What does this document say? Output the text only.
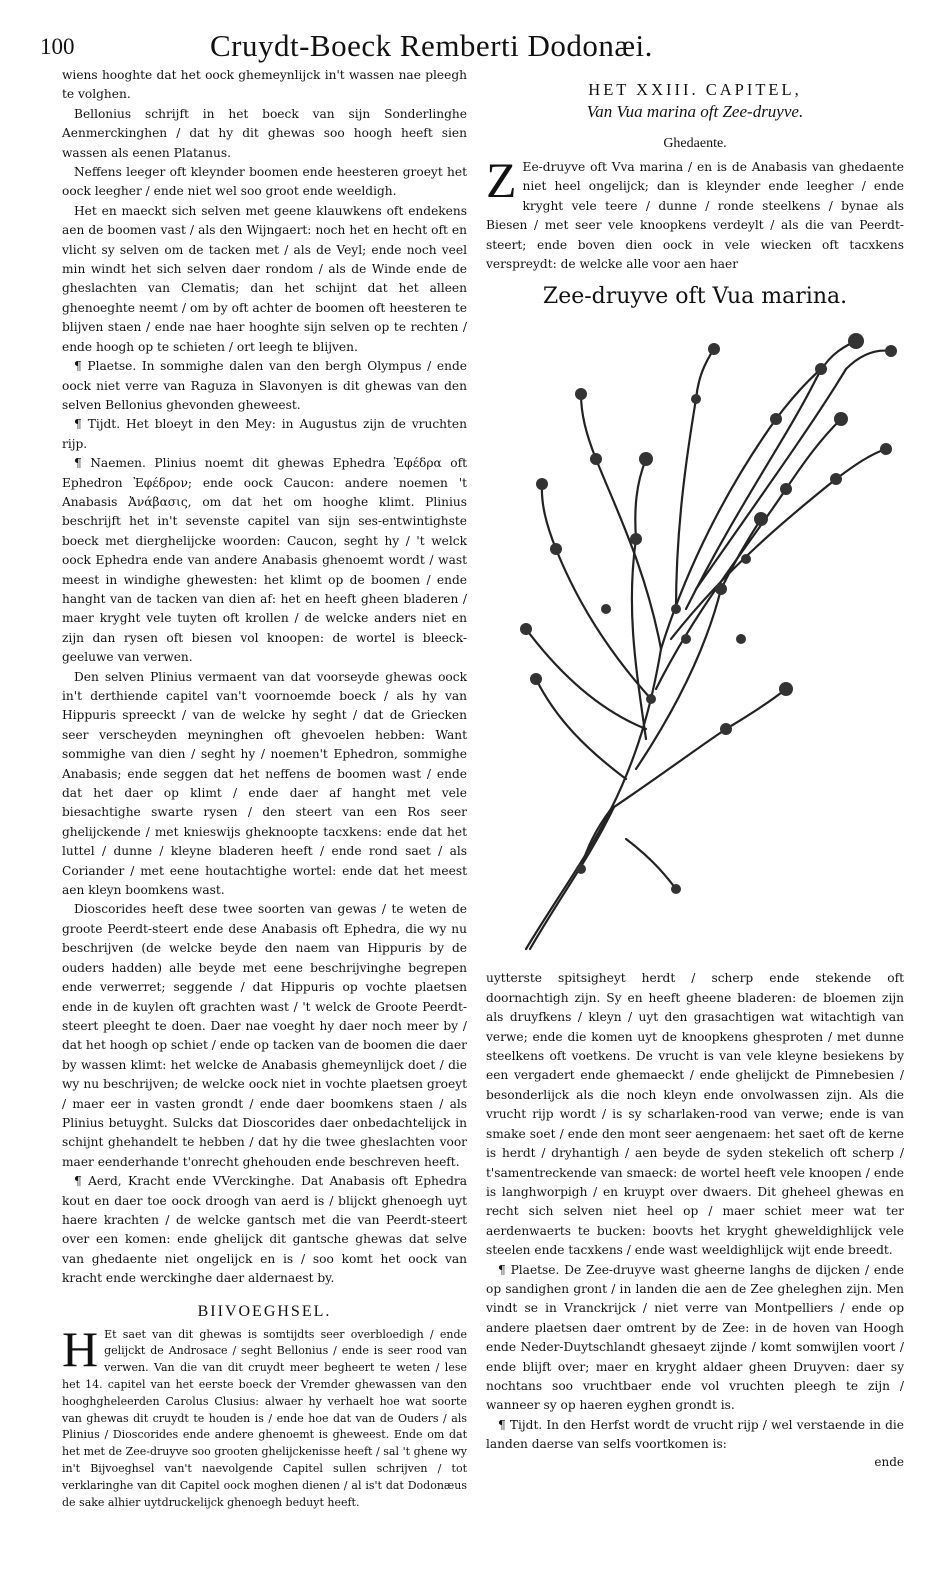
100	Cruydt-Boeck Remberti Dodonæi.

wiens hooghte dat het oock ghemeynlijck in't wassen nae pleegh te volghen.

Bellonius schrijft in het boeck van sijn Sonderlinghe Aenmerckinghen / dat hy dit ghewas soo hoogh heeft sien wassen als eenen Platanus.

Neffens leeger oft kleynder boomen ende heesteren groeyt het oock leegher / ende niet wel soo groot ende weeldigh.

Het en maeckt sich selven met geene klauwkens oft endekens aen de boomen vast / als den Wijngaert: noch het en hecht oft en vlicht sy selven om de tacken met / als de Veyl; ende noch veel min windt het sich selven daer rondom / als de Winde ende de gheslachten van Clematis; dan het schijnt dat het alleen ghenoeghte neemt / om by oft achter de boomen oft heesteren te blijven staen / ende nae haer hooghte sijn selven op te rechten / ende hoogh op te schieten / ort leegh te blijven.

¶ Plaetse. In sommighe dalen van den bergh Olympus / ende oock niet verre van Raguza in Slavonyen is dit ghewas van den selven Bellonius ghevonden gheweest.

¶ Tijdt. Het bloeyt in den Mey: in Augustus zijn de vruchten rijp.

¶ Naemen. Plinius noemt dit ghewas Ephedra Ἐφέδρα oft Ephedron Ἐφέδρον; ende oock Caucon: andere noemen 't Anabasis Ἀνάβασις, om dat het om hooghe klimt. Plinius beschrijft het in't sevenste capitel van sijn ses-entwintighste boeck met dierghelijcke woorden: Caucon, seght hy / 't welck oock Ephedra ende van andere Anabasis ghenoemt wordt / wast meest in windighe ghewesten: het klimt op de boomen / ende hanght van de tacken van dien af: het en heeft gheen bladeren / maer kryght vele tuyten oft krollen / de welcke anders niet en zijn dan rysen oft biesen vol knoopen: de wortel is bleeck-geeluwe van verwen.

Den selven Plinius vermaent van dat voorseyde ghewas oock in't derthiende capitel van't voornoemde boeck / als hy van Hippuris spreeckt / van de welcke hy seght / dat de Griecken seer verscheyden meyninghen oft ghevoelen hebben: Want sommighe van dien / seght hy / noemen't Ephedron, sommighe Anabasis; ende seggen dat het neffens de boomen wast / ende dat het daer op klimt / ende daer af hanght met vele biesachtighe swarte rysen / den steert van een Ros seer ghelijckende / met knieswijs gheknoopte tacxkens: ende dat het luttel / dunne / kleyne bladeren heeft / ende rond saet / als Coriander / met eene houtachtighe wortel: ende dat het meest aen kleyn boomkens wast.

Dioscorides heeft dese twee soorten van gewas / te weten de groote Peerdt-steert ende dese Anabasis oft Ephedra, die wy nu beschrijven (de welcke beyde den naem van Hippuris by de ouders hadden) alle beyde met eene beschrijvinghe begrepen ende verwerret; seggende / dat Hippuris op vochte plaetsen ende in de kuylen oft grachten wast / 't welck de Groote Peerdt-steert pleeght te doen. Daer nae voeght hy daer noch meer by / dat het hoogh op schiet / ende op tacken van de boomen die daer by wassen klimt: het welcke de Anabasis ghemeynlijck doet / die wy nu beschrijven; de welcke oock niet in vochte plaetsen groeyt / maer eer in vasten grondt / ende daer boomkens staen / als Plinius betuyght. Sulcks dat Dioscorides daer onbedachtelijck in schijnt ghehandelt te hebben / dat hy die twee gheslachten voor maer eenderhande t'onrecht ghehouden ende beschreven heeft.

¶ Aerd, Kracht ende VVerckinghe. Dat Anabasis oft Ephedra kout en daer toe oock droogh van aerd is / blijckt ghenoegh uyt haere krachten / de welcke gantsch met die van Peerdt-steert over een komen: ende ghelijck dit gantsche ghewas dat selve van ghedaente niet ongelijck en is / soo komt het oock van kracht ende werckinghe daer aldernaest by.

BIIVOEGHSEL.

H Et saet van dit ghewas is somtijdts seer overbloedigh / ende gelijckt de Androsace / seght Bellonius / ende is seer rood van verwen. Van die van dit cruydt meer begheert te weten / lese het 14. capitel van het eerste boeck der Vremder ghewassen van den hooghgheleerden Carolus Clusius: alwaer hy verhaelt hoe wat soorte van ghewas dit cruydt te houden is / ende hoe dat van de Ouders / als Plinius / Dioscorides ende andere ghenoemt is gheweest. Ende om dat het met de Zee-druyve soo grooten ghelijckenisse heeft / sal 't ghene wy in't Bijvoeghsel van't naevolgende Capitel sullen schrijven / tot verklaringhe van dit Capitel oock moghen dienen / al is't dat Dodonæus de sake alhier uytdruckelijck ghenoegh beduyt heeft.

HET XXIII. CAPITEL,
Van Vua marina oft Zee-druyve.
Ghedaente.

Z Ee-druyve oft Vva marina / en is de Anabasis van ghedaente niet heel ongelijck; dan is kleynder ende leegher / ende kryght vele teere / dunne / ronde steelkens / bynae als Biesen / met seer vele knoopkens verdeylt / als die van Peerdt-steert; ende boven dien oock in vele wiecken oft tacxkens verspreydt: de welcke alle voor aen haer

Zee-druyve oft Vua marina.

uytterste spitsigheyt herdt / scherp ende stekende oft doornachtigh zijn. Sy en heeft gheene bladeren: de bloemen zijn als druyfkens / kleyn / uyt den grasachtigen wat witachtigh van verwe; ende die komen uyt de knoopkens ghesproten / met dunne steelkens oft voetkens. De vrucht is van vele kleyne besiekens by een vergadert ende ghemaeckt / ende ghelijckt de Pimnebesien / besonderlijck als die noch kleyn ende onvolwassen zijn. Als die vrucht rijp wordt / is sy scharlaken-rood van verwe; ende is van smake soet / ende den mont seer aengenaem: het saet oft de kerne is herdt / dryhantigh / aen beyde de syden stekelich oft scherp / t'samentreckende van smaeck: de wortel heeft vele knoopen / ende is langhworpigh / en kruypt over dwaers. Dit gheheel ghewas en recht sich selven niet heel op / maer schiet meer wat ter aerdenwaerts te bucken: boovts het kryght gheweldighlijck vele steelen ende tacxkens / ende wast weeldighlijck wijt ende breedt.

¶ Plaetse. De Zee-druyve wast gheerne langhs de dijcken / ende op sandighen gront / in landen die aen de Zee gheleghen zijn. Men vindt se in Vranckrijck / niet verre van Montpelliers / ende op andere plaetsen daer omtrent by de Zee: in de hoven van Hoogh ende Neder-Duytschlandt ghesaeyt zijnde / komt somwijlen voort / ende blijft over; maer en kryght aldaer gheen Druyven: daer sy nochtans soo vruchtbaer ende vol vruchten pleegh te zijn / wanneer sy op haeren eyghen grondt is.

¶ Tijdt. In den Herfst wordt de vrucht rijp / wel verstaende in die landen daerse van selfs voortkomen is:

ende
